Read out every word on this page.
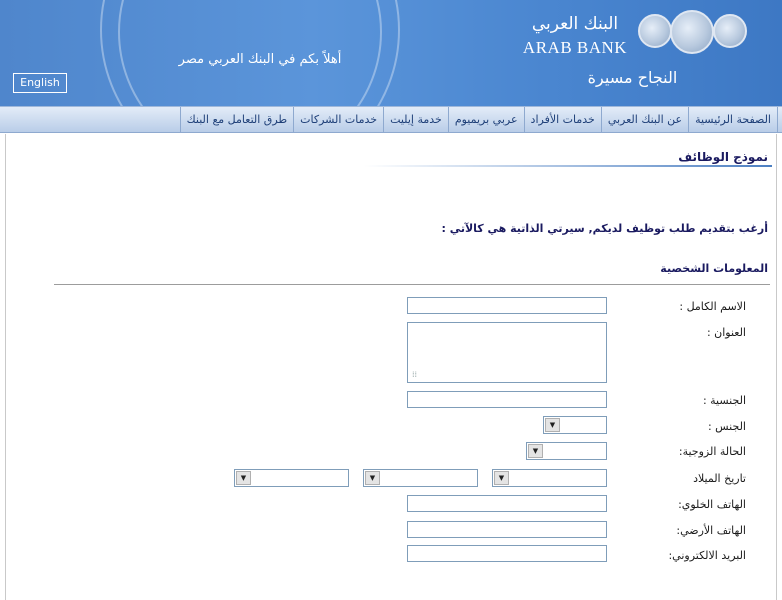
أهلاً بكم في البنك العربي مصر
English
البنك العربي
ARAB BANK
النجاح مسيرة
الصفحة الرئيسية
عن البنك العربي
خدمات الأفراد
عربي بريميوم
خدمة إيليت
خدمات الشركات
طرق التعامل مع البنك
نموذج الوظائف
أرغب بتقديم طلب توظيف لديكم, سيرتي الذاتية هي كالآتي :
المعلومات الشخصية
الاسم الكامل :
العنوان :
⁞⁞
الجنسية :
الجنس :
▼
الحالة الزوجية:
▼
تاريخ الميلاد
▼
▼
▼
الهاتف الخلوي:
الهاتف الأرضي:
البريد الالكتروني:
